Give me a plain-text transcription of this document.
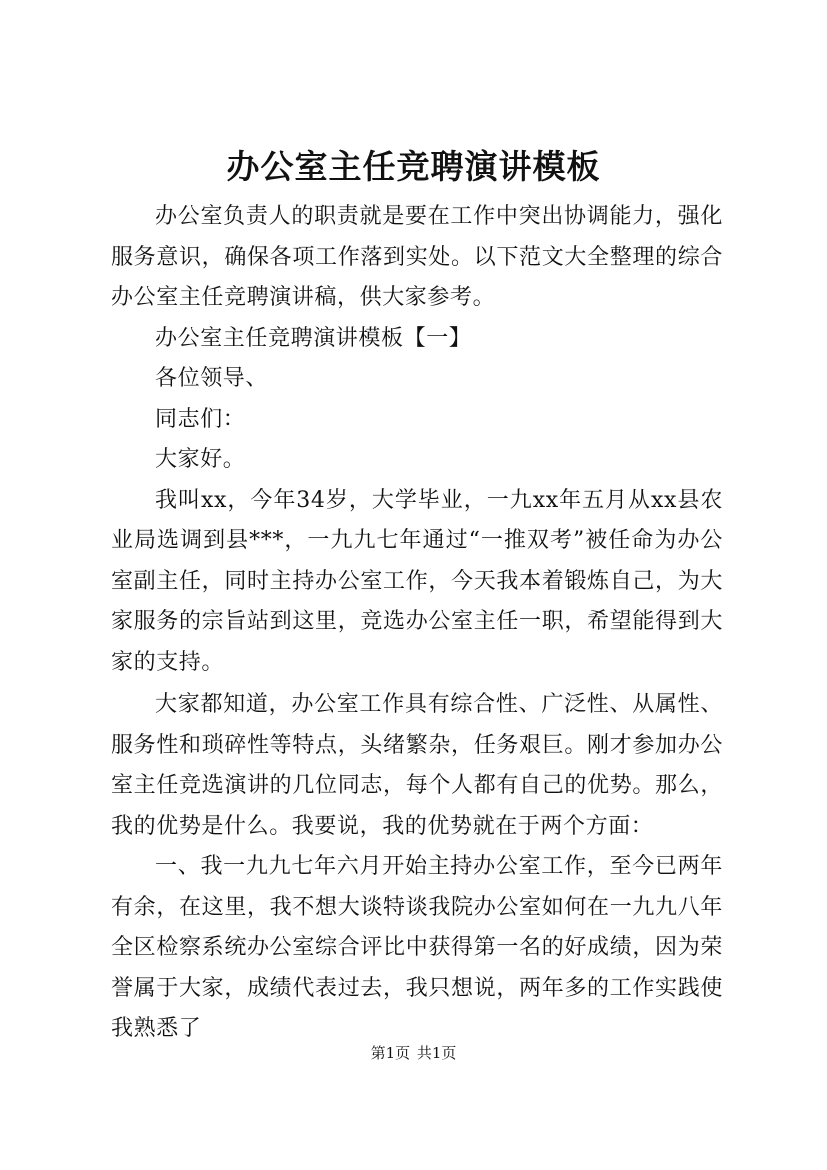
办公室主任竞聘演讲模板

办公室负责人的职责就是要在工作中突出协调能力，强化服务意识，确保各项工作落到实处。以下范文大全整理的综合办公室主任竞聘演讲稿，供大家参考。

办公室主任竞聘演讲模板【一】

各位领导、

同志们：

大家好。

我叫xx，今年34岁，大学毕业，一九xx年五月从xx县农业局选调到县***，一九九七年通过“一推双考”被任命为办公室副主任，同时主持办公室工作，今天我本着锻炼自己，为大家服务的宗旨站到这里，竞选办公室主任一职，希望能得到大家的支持。

大家都知道，办公室工作具有综合性、广泛性、从属性、服务性和琐碎性等特点，头绪繁杂，任务艰巨。刚才参加办公室主任竞选演讲的几位同志，每个人都有自己的优势。那么，我的优势是什么。我要说，我的优势就在于两个方面：

一、我一九九七年六月开始主持办公室工作，至今已两年有余，在这里，我不想大谈特谈我院办公室如何在一九九八年全区检察系统办公室综合评比中获得第一名的好成绩，因为荣誉属于大家，成绩代表过去，我只想说，两年多的工作实践使我熟悉了

第1页 共1页
